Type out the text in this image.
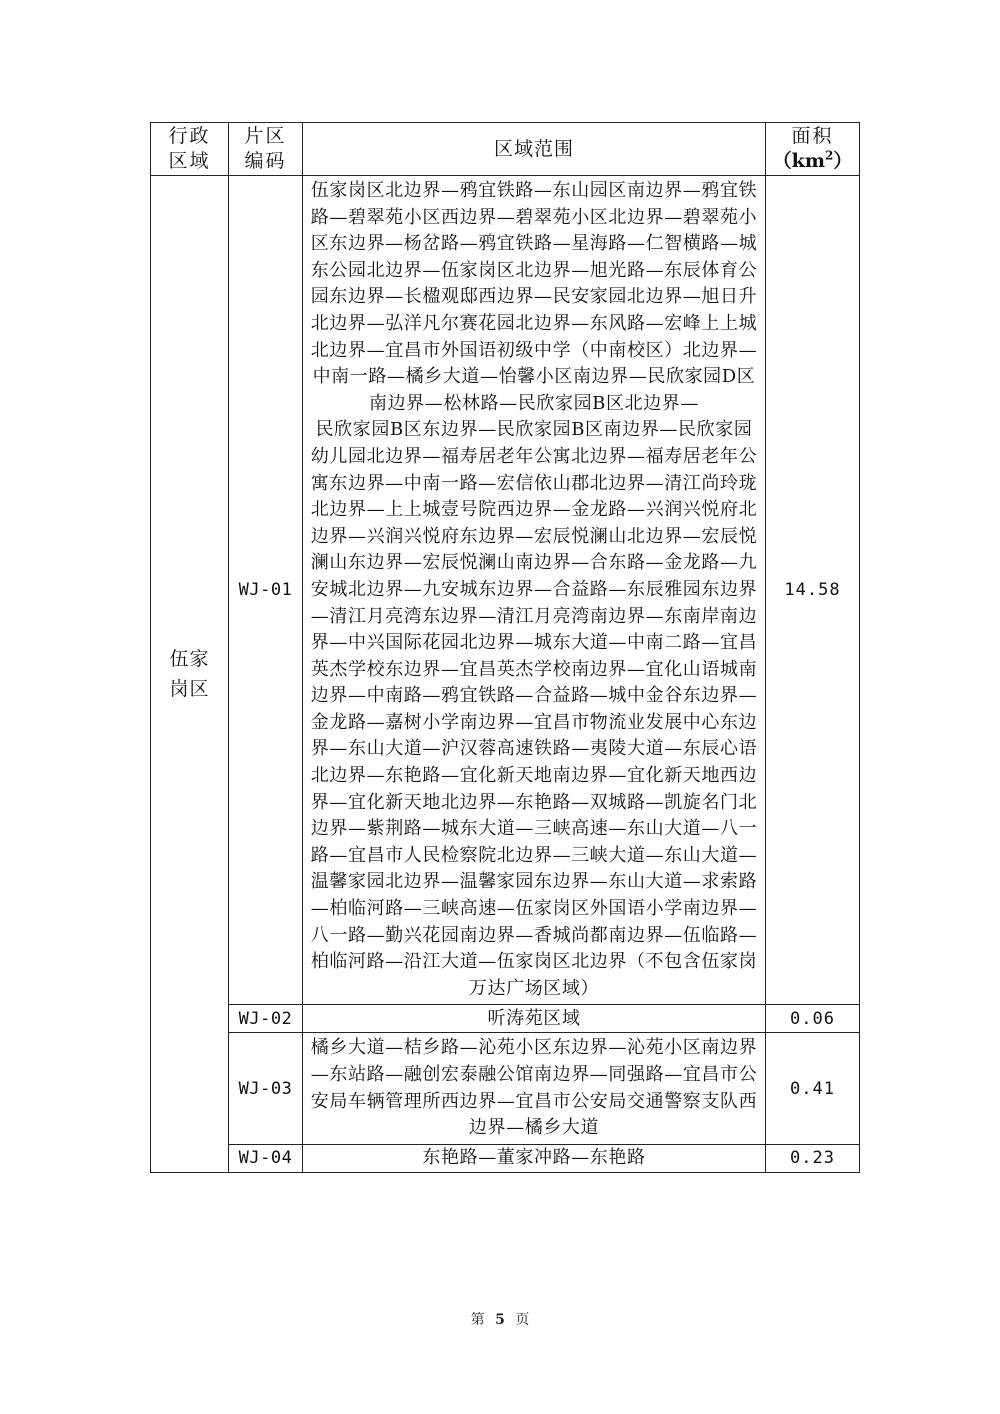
行政区域	片区编码	区域范围	面积
$(km^2)$

伍家岗区	WJ-01	伍家岗区北边界—鸦宜铁路—东山园区南边界—鸦宜铁路—碧翠苑小区西边界—碧翠苑小区北边界—碧翠苑小区东边界—杨岔路—鸦宜铁路—星海路—仁智横路—城东公园北边界—伍家岗区北边界—旭光路—东辰体育公园东边界—长楹观邸西边界—民安家园北边界—旭日升北边界—弘洋凡尔赛花园北边界—东风路—宏峰上上城北边界—宜昌市外国语初级中学（中南校区）北边界—中南一路—橘乡大道—怡馨小区南边界—民欣家园D区南边界—松林路—民欣家园B区北边界—
民欣家园B区东边界—民欣家园B区南边界—民欣家园幼儿园北边界—福寿居老年公寓北边界—福寿居老年公寓东边界—中南一路—宏信依山郡北边界—清江尚玲珑北边界—上上城壹号院西边界—金龙路—兴润兴悦府北边界—兴润兴悦府东边界—宏辰悦澜山北边界—宏辰悦澜山东边界—宏辰悦澜山南边界—合东路—金龙路—九安城北边界—九安城东边界—合益路—东辰雅园东边界—清江月亮湾东边界—清江月亮湾南边界—东南岸南边界—中兴国际花园北边界—城东大道—中南二路—宜昌英杰学校东边界—宜昌英杰学校南边界—宜化山语城南边界—中南路—鸦宜铁路—合益路—城中金谷东边界—金龙路—嘉树小学南边界—宜昌市物流业发展中心东边界—东山大道—沪汉蓉高速铁路—夷陵大道—东辰心语北边界—东艳路—宜化新天地南边界—宜化新天地西边界—宜化新天地北边界—东艳路—双城路—凯旋名门北边界—紫荆路—城东大道—三峡高速—东山大道—八一路—宜昌市人民检察院北边界—三峡大道—东山大道—温馨家园北边界—温馨家园东边界—东山大道—求索路—柏临河路—三峡高速—伍家岗区外国语小学南边界—八一路—勤兴花园南边界—香城尚都南边界—伍临路—柏临河路—沿江大道—伍家岗区北边界（不包含伍家岗万达广场区域）	14.58
	WJ-02	听涛苑区域	0.06
	WJ-03	橘乡大道—桔乡路—沁苑小区东边界—沁苑小区南边界—东站路—融创宏泰融公馆南边界—同强路—宜昌市公安局车辆管理所西边界—宜昌市公安局交通警察支队西边界—橘乡大道	0.41
	WJ-04	东艳路—董家冲路—东艳路	0.23
第 5 页
